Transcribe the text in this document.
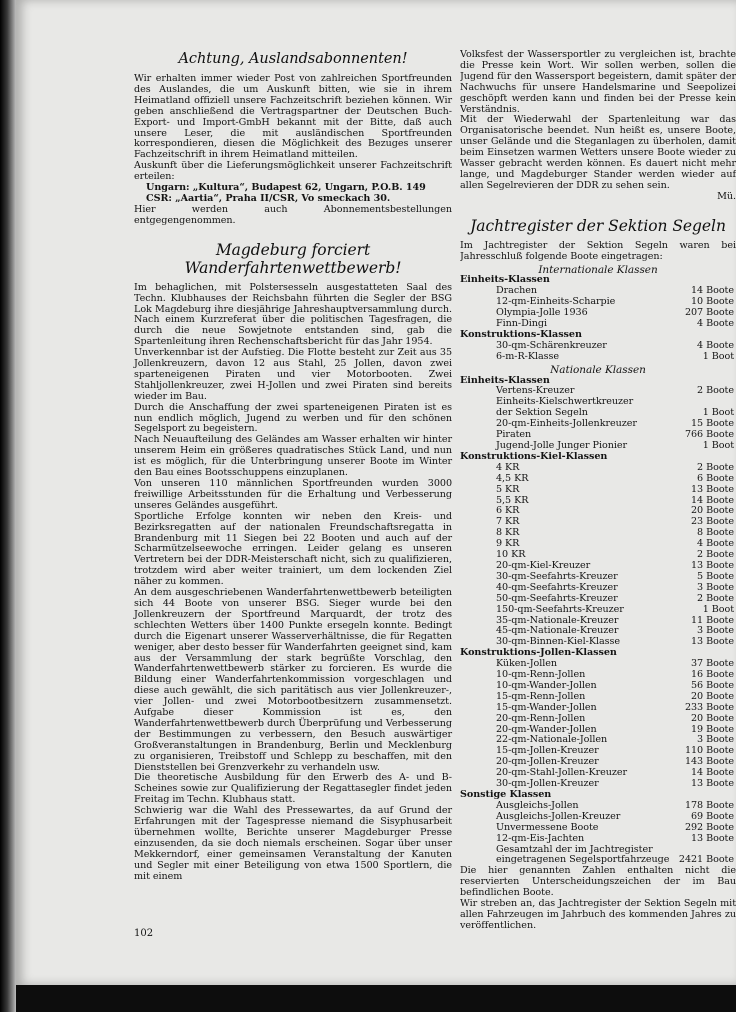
Achtung, Auslandsabonnenten!

Wir erhalten immer wieder Post von zahlreichen Sportfreunden des Auslandes, die um Auskunft bitten, wie sie in ihrem Heimatland offiziell unsere Fachzeitschrift beziehen können. Wir geben anschließend die Vertragspartner der Deutschen Buch-Export- und Import-GmbH bekannt mit der Bitte, daß auch unsere Leser, die mit ausländischen Sportfreunden korrespondieren, diesen die Möglichkeit des Bezuges unserer Fachzeitschrift in ihrem Heimatland mitteilen.

Auskunft über die Lieferungsmöglichkeit unserer Fachzeitschrift erteilen:

Ungarn: „Kultura“, Budapest 62, Ungarn, P.O.B. 149
CSR: „Aartia“, Praha II/CSR, Vo smeckach 30.

Hier werden auch Abonnementsbestellungen entgegengenommen.

Magdeburg forciert Wanderfahrtenwettbewerb!

Im behaglichen, mit Polstersesseln ausgestatteten Saal des Techn. Klubhauses der Reichsbahn führten die Segler der BSG Lok Magdeburg ihre diesjährige Jahreshauptversammlung durch. Nach einem Kurzreferat über die politischen Tagesfragen, die durch die neue Sowjetnote entstanden sind, gab die Spartenleitung ihren Rechenschaftsbericht für das Jahr 1954.

Unverkennbar ist der Aufstieg. Die Flotte besteht zur Zeit aus 35 Jollenkreuzern, davon 12 aus Stahl, 25 Jollen, davon zwei sparteneigenen Piraten und vier Motorbooten. Zwei Stahljollenkreuzer, zwei H-Jollen und zwei Piraten sind bereits wieder im Bau.

Durch die Anschaffung der zwei sparteneigenen Piraten ist es nun endlich möglich, Jugend zu werben und für den schönen Segelsport zu begeistern.

Nach Neuaufteilung des Geländes am Wasser erhalten wir hinter unserem Heim ein größeres quadratisches Stück Land, und nun ist es möglich, für die Unterbringung unserer Boote im Winter den Bau eines Bootsschuppens einzuplanen.

Von unseren 110 männlichen Sportfreunden wurden 3000 freiwillige Arbeitsstunden für die Erhaltung und Verbesserung unseres Geländes ausgeführt.

Sportliche Erfolge konnten wir neben den Kreis- und Bezirksregatten auf der nationalen Freundschaftsregatta in Brandenburg mit 11 Siegen bei 22 Booten und auch auf der Scharmützelseewoche erringen. Leider gelang es unseren Vertretern bei der DDR-Meisterschaft nicht, sich zu qualifizieren, trotzdem wird aber weiter trainiert, um dem lockenden Ziel näher zu kommen.

An dem ausgeschriebenen Wanderfahrtenwettbewerb beteiligten sich 44 Boote von unserer BSG. Sieger wurde bei den Jollenkreuzern der Sportfreund Marquardt, der trotz des schlechten Wetters über 1400 Punkte ersegeln konnte. Bedingt durch die Eigenart unserer Wasserverhältnisse, die für Regatten weniger, aber desto besser für Wanderfahrten geeignet sind, kam aus der Versammlung der stark begrüßte Vorschlag, den Wanderfahrtenwettbewerb stärker zu forcieren. Es wurde die Bildung einer Wanderfahrtenkommission vorgeschlagen und diese auch gewählt, die sich paritätisch aus vier Jollenkreuzer-, vier Jollen- und zwei Motorbootbesitzern zusammensetzt. Aufgabe dieser Kommission ist es, den Wanderfahrtenwettbewerb durch Überprüfung und Verbesserung der Bestimmungen zu verbessern, den Besuch auswärtiger Großveranstaltungen in Brandenburg, Berlin und Mecklenburg zu organisieren, Treibstoff und Schlepp zu beschaffen, mit den Dienststellen bei Grenzverkehr zu verhandeln usw.

Die theoretische Ausbildung für den Erwerb des A- und B-Scheines sowie zur Qualifizierung der Regattasegler findet jeden Freitag im Techn. Klubhaus statt.

Schwierig war die Wahl des Pressewartes, da auf Grund der Erfahrungen mit der Tagespresse niemand die Sisyphusarbeit übernehmen wollte, Berichte unserer Magdeburger Presse einzusenden, da sie doch niemals erscheinen. Sogar über unser Mekkerndorf, einer gemeinsamen Veranstaltung der Kanuten und Segler mit einer Beteiligung von etwa 1500 Sportlern, die mit einem

Volksfest der Wassersportler zu vergleichen ist, brachte die Presse kein Wort. Wir sollen werben, sollen die Jugend für den Wassersport begeistern, damit später der Nachwuchs für unsere Handelsmarine und Seepolizei geschöpft werden kann und finden bei der Presse kein Verständnis.

Mit der Wiederwahl der Spartenleitung war das Organisatorische beendet. Nun heißt es, unsere Boote, unser Gelände und die Steganlagen zu überholen, damit beim Einsetzen warmen Wetters unsere Boote wieder zu Wasser gebracht werden können. Es dauert nicht mehr lange, und Magdeburger Stander werden wieder auf allen Segelrevieren der DDR zu sehen sein.

Mü.
Jachtregister der Sektion Segeln

Im Jachtregister der Sektion Segeln waren bei Jahresschluß folgende Boote eingetragen:

Internationale Klassen
Einheits-Klassen
Drachen	14 Boote
12-qm-Einheits-Scharpie	10 Boote
Olympia-Jolle 1936	207 Boote
Finn-Dingi	4 Boote
Konstruktions-Klassen
30-qm-Schärenkreuzer	4 Boote
6-m-R-Klasse	1 Boot
Nationale Klassen
Einheits-Klassen
Vertens-Kreuzer	2 Boote
Einheits-Kielschwertkreuzer
der Sektion Segeln	1 Boot
20-qm-Einheits-Jollenkreuzer	15 Boote
Piraten	766 Boote
Jugend-Jolle Junger Pionier	1 Boot
Konstruktions-Kiel-Klassen
4 KR	2 Boote
4,5 KR	6 Boote
5 KR	13 Boote
5,5 KR	14 Boote
6 KR	20 Boote
7 KR	23 Boote
8 KR	8 Boote
9 KR	4 Boote
10 KR	2 Boote
20-qm-Kiel-Kreuzer	13 Boote
30-qm-Seefahrts-Kreuzer	5 Boote
40-qm-Seefahrts-Kreuzer	3 Boote
50-qm-Seefahrts-Kreuzer	2 Boote
150-qm-Seefahrts-Kreuzer	1 Boot
35-qm-Nationale-Kreuzer	11 Boote
45-qm-Nationale-Kreuzer	3 Boote
30-qm-Binnen-Kiel-Klasse	13 Boote
Konstruktions-Jollen-Klassen
Küken-Jollen	37 Boote
10-qm-Renn-Jollen	16 Boote
10-qm-Wander-Jollen	56 Boote
15-qm-Renn-Jollen	20 Boote
15-qm-Wander-Jollen	233 Boote
20-qm-Renn-Jollen	20 Boote
20-qm-Wander-Jollen	19 Boote
22-qm-Nationale-Jollen	3 Boote
15-qm-Jollen-Kreuzer	110 Boote
20-qm-Jollen-Kreuzer	143 Boote
20-qm-Stahl-Jollen-Kreuzer	14 Boote
30-qm-Jollen-Kreuzer	13 Boote
Sonstige Klassen
Ausgleichs-Jollen	178 Boote
Ausgleichs-Jollen-Kreuzer	69 Boote
Unvermessene Boote	292 Boote
12-qm-Eis-Jachten	13 Boote
Gesamtzahl der im Jachtregister
eingetragenen Segelsportfahrzeuge 2421 Boote

Die hier genannten Zahlen enthalten nicht die reservierten Unterscheidungszeichen der im Bau befindlichen Boote.

Wir streben an, das Jachtregister der Sektion Segeln mit allen Fahrzeugen im Jahrbuch des kommenden Jahres zu veröffentlichen.

102
